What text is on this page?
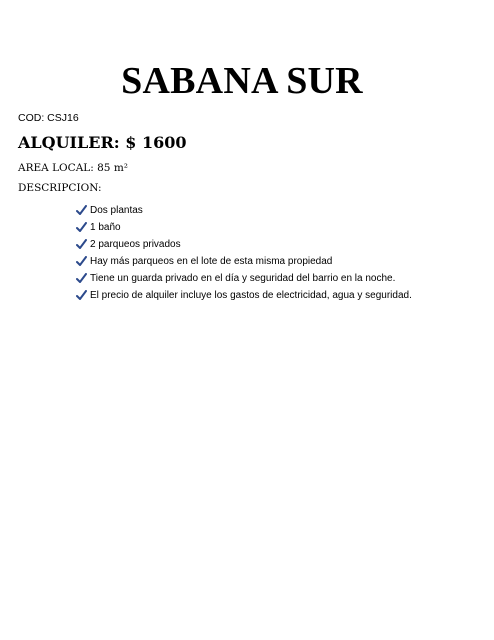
SABANA SUR

COD: CSJ16

ALQUILER: $ 1600

AREA LOCAL: 85 m²

DESCRIPCION:

Dos plantas
1 baño
2 parqueos privados
Hay más parqueos en el lote de esta misma propiedad
Tiene un guarda privado en el día y seguridad del barrio en la noche.
El precio de alquiler incluye los gastos de electricidad, agua y seguridad.
